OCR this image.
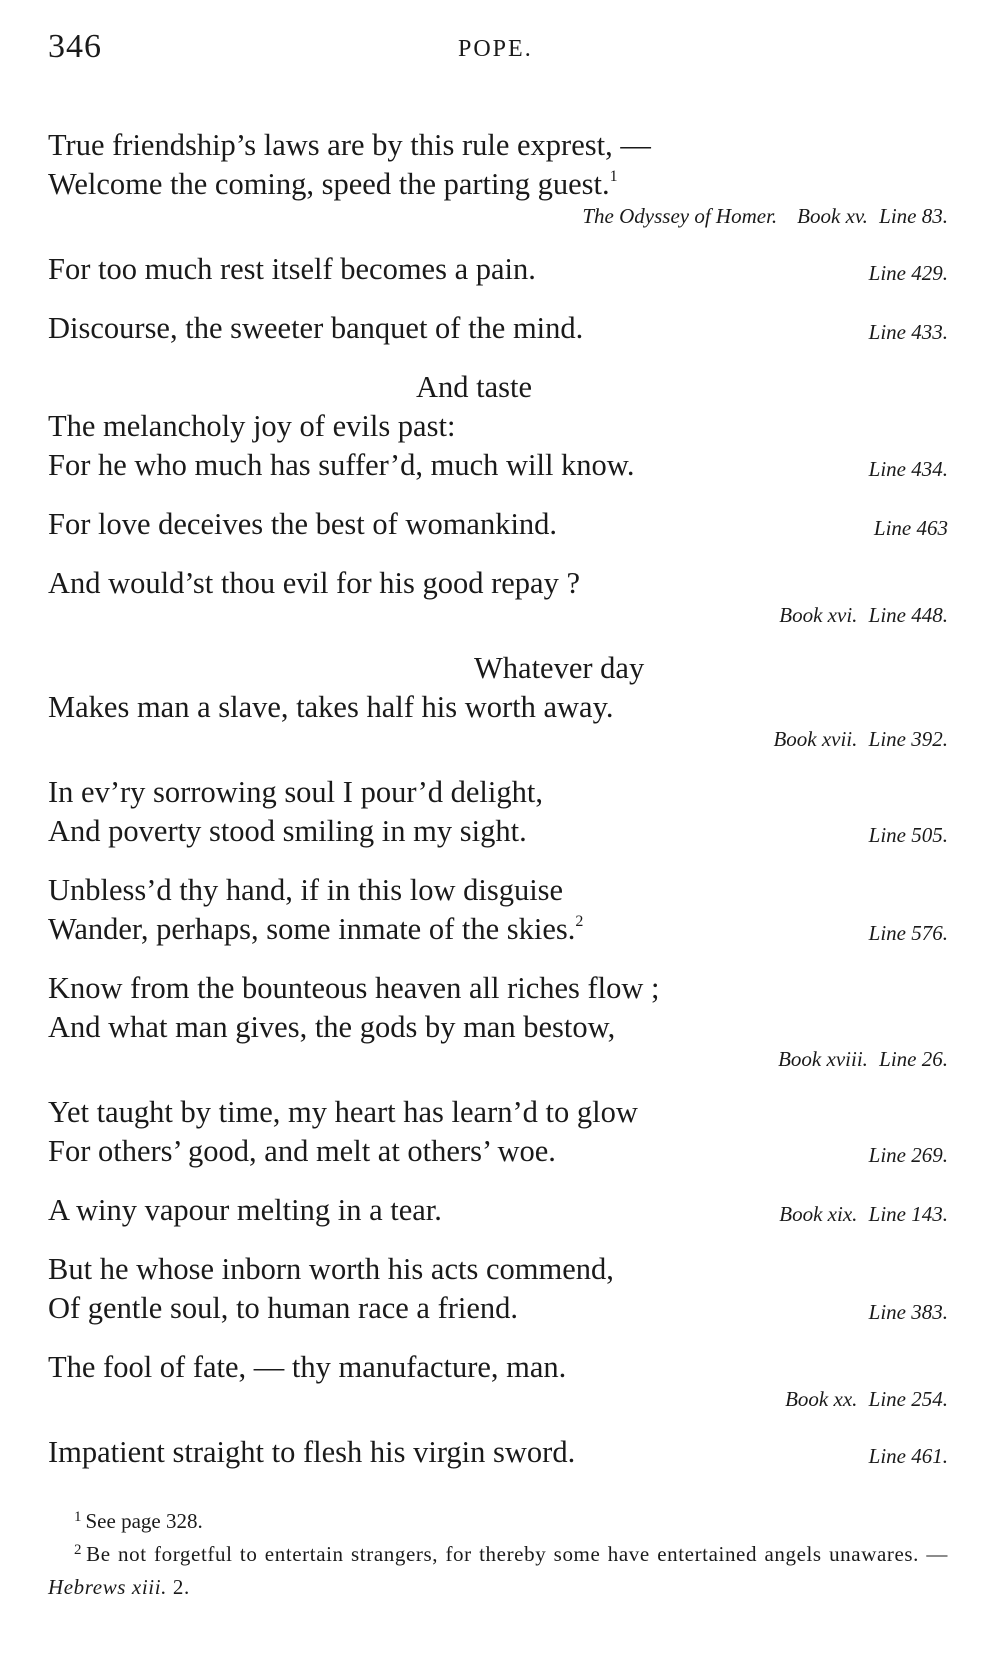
346	POPE.
True friendship’s laws are by this rule exprest, —
Welcome the coming, speed the parting guest.$^1$
The Odyssey of Homer. Book xv. Line 83.
For too much rest itself becomes a pain.	Line 429.
Discourse, the sweeter banquet of the mind.	Line 433.
And taste
The melancholy joy of evils past:
For he who much has suffer’d, much will know.	Line 434.
For love deceives the best of womankind.	Line 463
And would’st thou evil for his good repay ?
Book xvi. Line 448.
Whatever day
Makes man a slave, takes half his worth away.
Book xvii. Line 392.
In ev’ry sorrowing soul I pour’d delight,
And poverty stood smiling in my sight.	Line 505.
Unbless’d thy hand, if in this low disguise
Wander, perhaps, some inmate of the skies.$^2$	Line 576.
Know from the bounteous heaven all riches flow ;
And what man gives, the gods by man bestow,
Book xviii. Line 26.
Yet taught by time, my heart has learn’d to glow
For others’ good, and melt at others’ woe.	Line 269.
A winy vapour melting in a tear.	Book xix. Line 143.
But he whose inborn worth his acts commend,
Of gentle soul, to human race a friend.	Line 383.
The fool of fate, — thy manufacture, man.
Book xx. Line 254.
Impatient straight to flesh his virgin sword.	Line 461.
$^1$ See page 328.
$^2$ Be not forgetful to entertain strangers, for thereby some have entertained angels unawares. — Hebrews xiii. 2.
